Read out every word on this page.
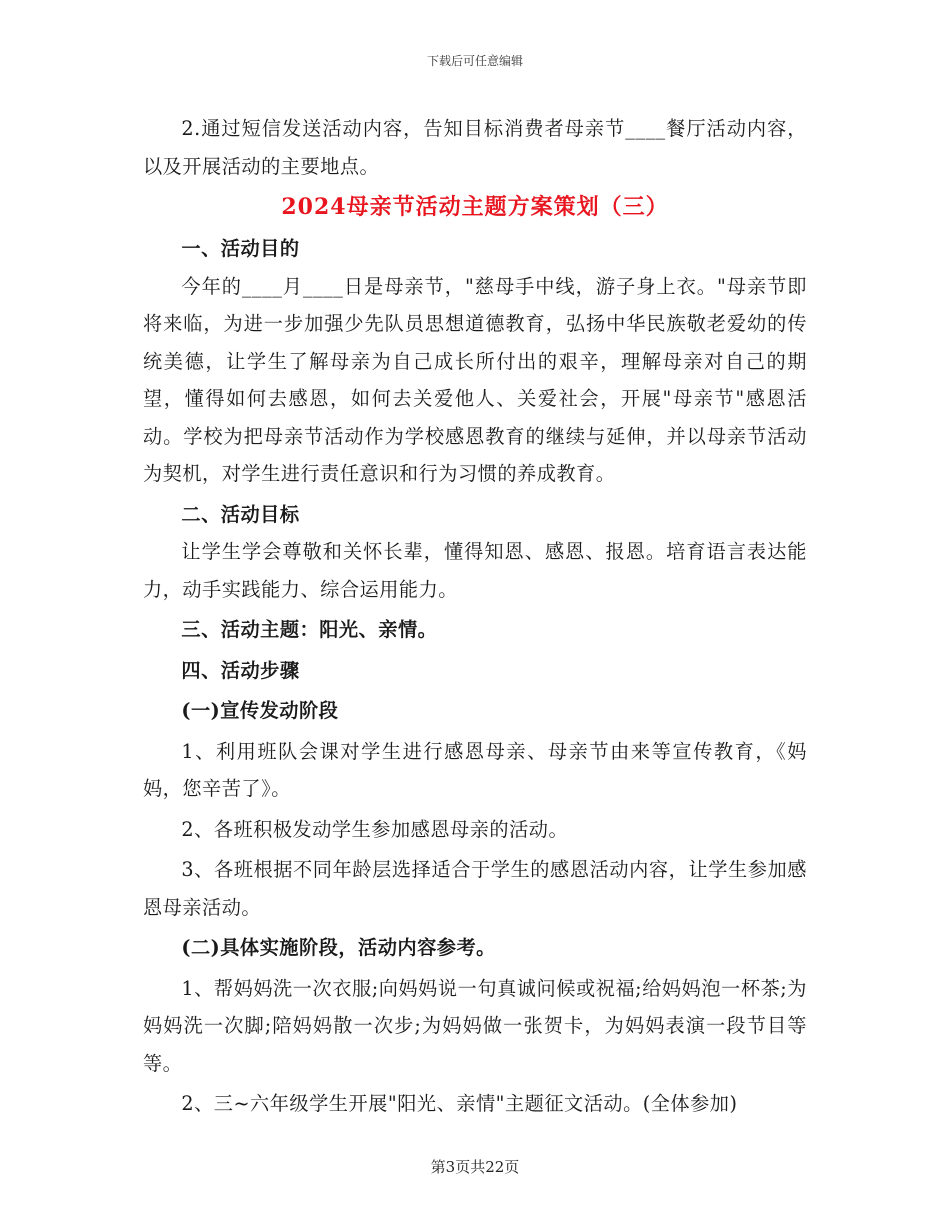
下载后可任意编辑

2.通过短信发送活动内容，告知目标消费者母亲节____餐厅活动内容，以及开展活动的主要地点。

2024母亲节活动主题方案策划（三）

一、活动目的

今年的____月____日是母亲节，"慈母手中线，游子身上衣。"母亲节即将来临，为进一步加强少先队员思想道德教育，弘扬中华民族敬老爱幼的传统美德，让学生了解母亲为自己成长所付出的艰辛，理解母亲对自己的期望，懂得如何去感恩，如何去关爱他人、关爱社会，开展"母亲节"感恩活动。学校为把母亲节活动作为学校感恩教育的继续与延伸，并以母亲节活动为契机，对学生进行责任意识和行为习惯的养成教育。

二、活动目标

让学生学会尊敬和关怀长辈，懂得知恩、感恩、报恩。培育语言表达能力，动手实践能力、综合运用能力。

三、活动主题：阳光、亲情。

四、活动步骤

(一)宣传发动阶段

1、利用班队会课对学生进行感恩母亲、母亲节由来等宣传教育，《妈妈，您辛苦了》。

2、各班积极发动学生参加感恩母亲的活动。

3、各班根据不同年龄层选择适合于学生的感恩活动内容，让学生参加感恩母亲活动。

(二)具体实施阶段，活动内容参考。

1、帮妈妈洗一次衣服;向妈妈说一句真诚问候或祝福;给妈妈泡一杯茶;为妈妈洗一次脚;陪妈妈散一次步;为妈妈做一张贺卡，为妈妈表演一段节目等等。

2、三~六年级学生开展"阳光、亲情"主题征文活动。(全体参加)

第3页共22页
